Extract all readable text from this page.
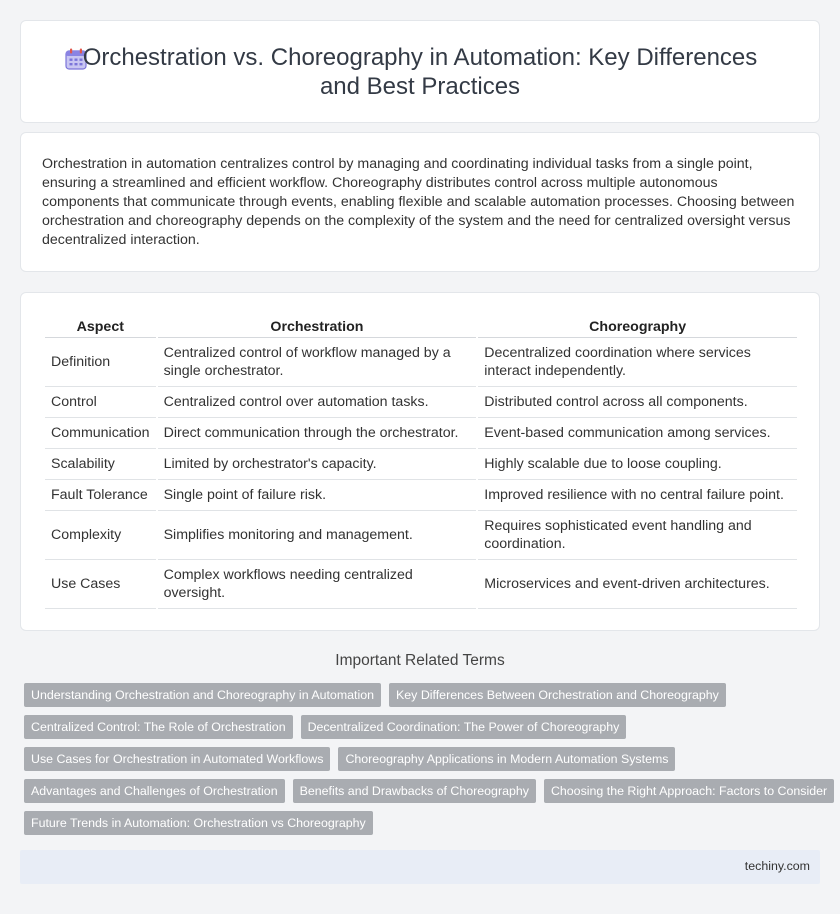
Orchestration vs. Choreography in Automation: Key Differences
and Best Practices

Orchestration in automation centralizes control by managing and coordinating individual tasks from a single point, ensuring a streamlined and efficient workflow. Choreography distributes control across multiple autonomous components that communicate through events, enabling flexible and scalable automation processes. Choosing between orchestration and choreography depends on the complexity of the system and the need for centralized oversight versus decentralized interaction.

Aspect	Orchestration	Choreography
Definition	Centralized control of workflow managed by a single orchestrator.	Decentralized coordination where services interact independently.
Control	Centralized control over automation tasks.	Distributed control across all components.
Communication	Direct communication through the orchestrator.	Event-based communication among services.
Scalability	Limited by orchestrator's capacity.	Highly scalable due to loose coupling.
Fault Tolerance	Single point of failure risk.	Improved resilience with no central failure point.
Complexity	Simplifies monitoring and management.	Requires sophisticated event handling and coordination.
Use Cases	Complex workflows needing centralized oversight.	Microservices and event-driven architectures.
Important Related Terms
Understanding Orchestration and Choreography in Automation	Key Differences Between Orchestration and Choreography
Centralized Control: The Role of Orchestration	Decentralized Coordination: The Power of Choreography
Use Cases for Orchestration in Automated Workflows	Choreography Applications in Modern Automation Systems
Advantages and Challenges of Orchestration	Benefits and Drawbacks of Choreography	Choosing the Right Approach: Factors to Consider
Future Trends in Automation: Orchestration vs Choreography
techiny.com
